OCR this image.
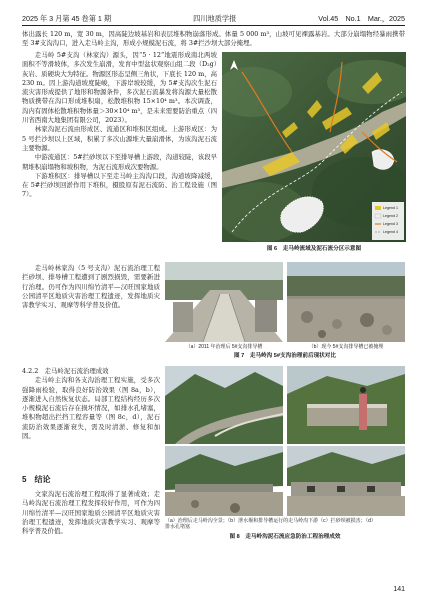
2025 年 3 月第 45 卷第 1 期	四川地质学报	Vol.45　No.1　Mar.，2025

体出露长 120 m，宽 30 m，因高陡边坡基岩和表层堆积物崩落形成。体量 5 000 m³，山坡可见裸露基岩。大部分崩塌物经暴雨携带至 3#支沟沟口，进入走马岭主沟，形成小规模泥石流，将 3#拦沙坝大部分掩埋。

走马岭 5#支沟（林家沟）源头，因“5 · 12”地震形成南北两坡面积不等滑坡体，多次发生崩滑，发育中型盆状观察山组二段（D₂g）灰岩、质硬块大为特征。物源区形态呈侧三角状，下底长 120 m，高 230 m。因上游沟道坡度陡峻，下游岸坡较缓，为 5#支沟次生泥石流灾害形成提供了地形和物源条件，多次泥石流暴发将沟源大量松散物质携带在沟口形成堆积扇，松散堆积物 15×10⁴ m³。本次调查，沟内有固体松散堆积物体量＞30×10⁴ m³，是未来需要防治重点（四川省西南大地集团有限公司，2023）。

林家沟泥石流由形成区、流通区和堆积区组成。上游形成区：为 5 号拦沙坝以上区域，积累了多次山源堆大量崩滑体，为该沟泥石流主要物源。

中游流通区：5#拦砂坝以下至排导槽上游段，沟道较陡，该段早期堆积崩塌物和坡积物，为泥石流形成次要物源。

下游堆积区：排导槽以下至走马岭主沟沟口段，沟道坡降减缓，在 5#拦砂坝回淤作用下堆积，摄股原有泥石流防、治工程设施（图 7）。

Legend 1
Legend 2
Legend 3
Legend 4
图 6　走马岭流域及泥石流分区示意图

走马岭林家沟（5 号支沟）泥石流治理工程拦砂坝、排导槽工程遭到了剧烈损毁，需要新进行治理。仍可作为四川绵竹清平—汉旺国家地质公园清平区地质灾害治理工程遗迹，发挥地质灾害教学实习、观摩等科学普及价值。

（a）2011 年治理后 5#支沟排导槽	（b）现今 5#支沟排导槽已被掩埋
图 7　走马岭沟 5#支沟治理前后现状对比

4.2.2　走马岭泥石流治理成效

走马岭主沟和各支沟治理工程实施，受多次强降雨检验，取得良好防治效果（图 8a，b），逐渐进入自然恢复状态。局部工程结构经历多次小规模泥石流后存在损坏情况，如排水孔堵塞，堆积物超出拦挡工程容量等（图 8c，d），泥石流防治效果逐渐衰失，需及时清淤、修复和加固。

5　结论

文家沟泥石流治理工程取得了显著成效；走马岭沟泥石流治理工程发挥较好作用，可作为四川绵竹清平—汉旺国家地质公园清平区地质灾害治理工程遗迹，发挥地质灾害教学实习、观摩等科学普及价值。

（a）治理后走马岭沟全景；（b）泄水堰和排导槽运行的走马岭沟下游（c）拦砂坝被损害；（d）
排水孔堵塞
图 8　走马岭沟泥石流应急防治工程治理成效
141
